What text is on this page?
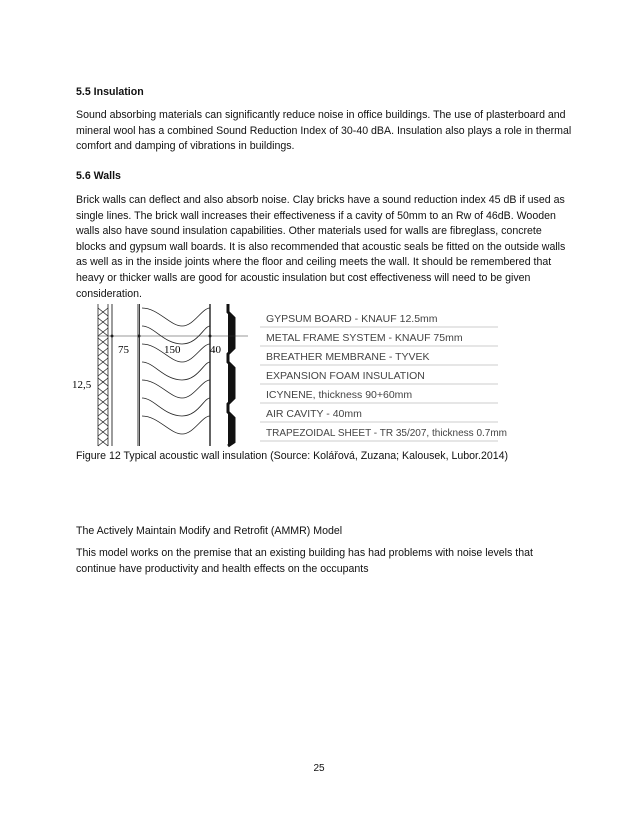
5.5 Insulation

Sound absorbing materials can significantly reduce noise in office buildings. The use of plasterboard and
mineral wool has a combined Sound Reduction Index of 30-40 dBA. Insulation also plays a role in thermal
comfort and damping of vibrations in buildings.

5.6 Walls

Brick walls can deflect and also absorb noise. Clay bricks have a sound reduction index 45 dB if used as
single lines. The brick wall increases their effectiveness if a cavity of 50mm to an Rw of 46dB. Wooden
walls also have sound insulation capabilities. Other materials used for walls are fibreglass, concrete
blocks and gypsum wall boards. It is also recommended that acoustic seals be fitted on the outside walls
as well as in the inside joints where the floor and ceiling meets the wall. It should be remembered that
heavy or thicker walls are good for acoustic insulation but cost effectiveness will need to be given
consideration.

75	150	40
12,5
GYPSUM BOARD - KNAUF 12.5mm
METAL FRAME SYSTEM - KNAUF 75mm
BREATHER MEMBRANE - TYVEK
EXPANSION FOAM INSULATION
ICYNENE, thickness 90+60mm
AIR CAVITY - 40mm
TRAPEZOIDAL SHEET - TR 35/207, thickness 0.7mm

Figure 12 Typical acoustic wall insulation (Source: Kolářová, Zuzana; Kalousek, Lubor.2014)

The Actively Maintain Modify and Retrofit (AMMR) Model

This model works on the premise that an existing building has had problems with noise levels that
continue have productivity and health effects on the occupants

25
